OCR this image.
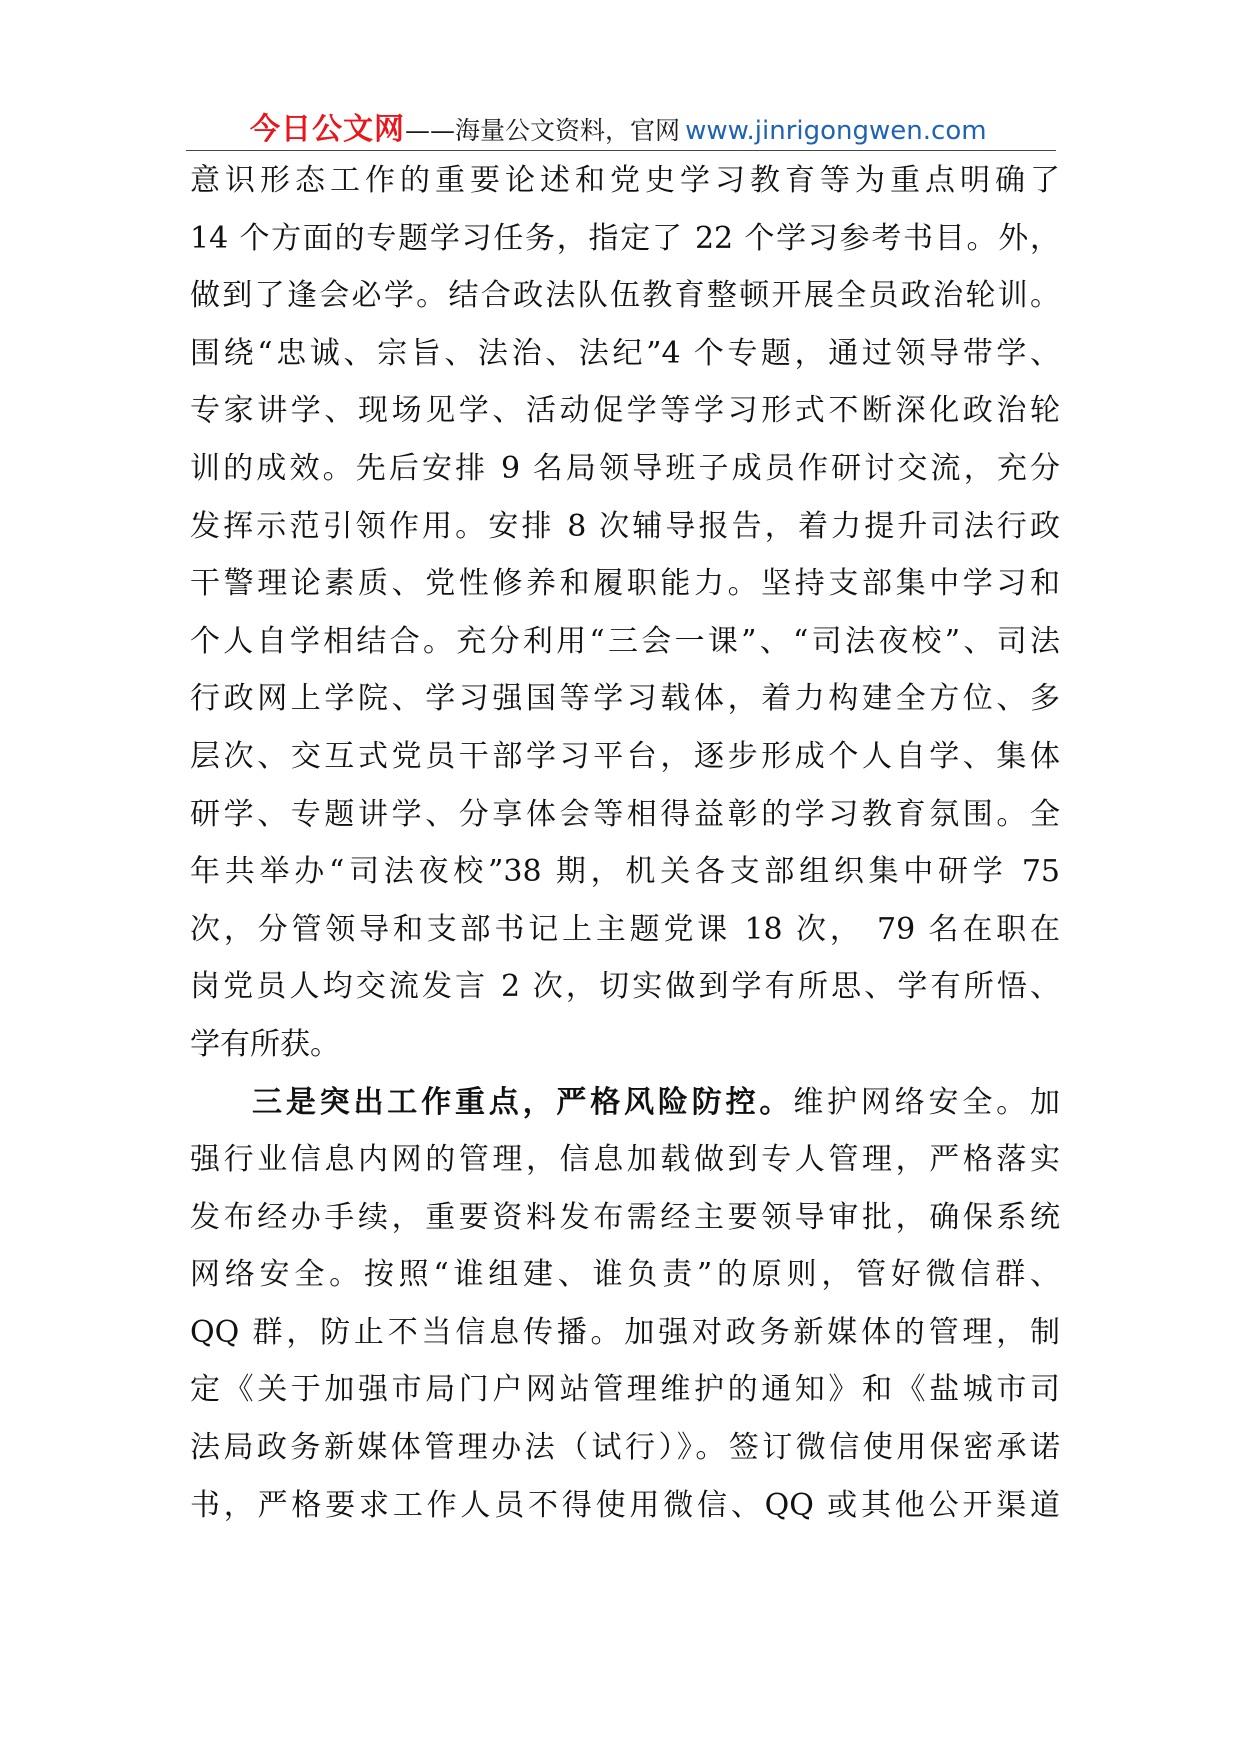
今日公文网——海量公文资料，官网 www.jinrigongwen.com
意识形态工作的重要论述和党史学习教育等为重点明确了
14 个方面的专题学习任务，指定了 22 个学习参考书目。外，
做到了逢会必学。结合政法队伍教育整顿开展全员政治轮训。
围绕“忠诚、宗旨、法治、法纪”4 个专题，通过领导带学、
专家讲学、现场见学、活动促学等学习形式不断深化政治轮
训的成效。先后安排 9 名局领导班子成员作研讨交流，充分
发挥示范引领作用。安排 8 次辅导报告，着力提升司法行政
干警理论素质、党性修养和履职能力。坚持支部集中学习和
个人自学相结合。充分利用“三会一课”、“司法夜校”、司法
行政网上学院、学习强国等学习载体，着力构建全方位、多
层次、交互式党员干部学习平台，逐步形成个人自学、集体
研学、专题讲学、分享体会等相得益彰的学习教育氛围。全
年共举办“司法夜校”38 期，机关各支部组织集中研学 75
次，分管领导和支部书记上主题党课 18 次， 79 名在职在
岗党员人均交流发言 2 次，切实做到学有所思、学有所悟、
学有所获。
三是突出工作重点，严格风险防控。维护网络安全。加
强行业信息内网的管理，信息加载做到专人管理，严格落实
发布经办手续，重要资料发布需经主要领导审批，确保系统
网络安全。按照“谁组建、谁负责”的原则，管好微信群、
QQ 群，防止不当信息传播。加强对政务新媒体的管理，制
定《关于加强市局门户网站管理维护的通知》和《盐城市司
法局政务新媒体管理办法（试行）》。签订微信使用保密承诺
书，严格要求工作人员不得使用微信、QQ 或其他公开渠道
